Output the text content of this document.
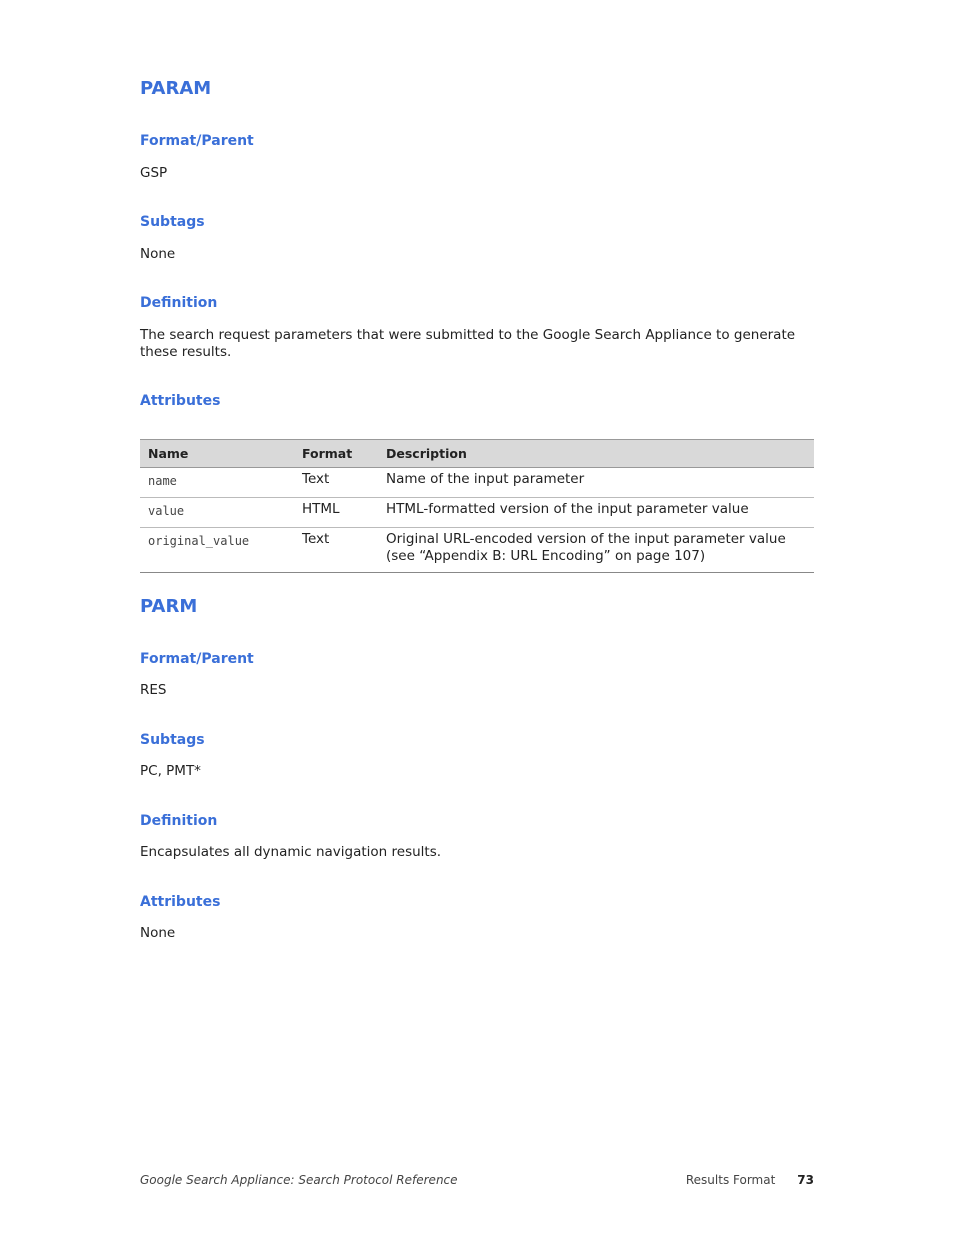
PARAM
Format/Parent

GSP

Subtags

None

Definition

The search request parameters that were submitted to the Google Search Appliance to generate these results.

Attributes
Name	Format	Description
name	Text	Name of the input parameter
value	HTML	HTML-formatted version of the input parameter value
original_value	Text	Original URL-encoded version of the input parameter value (see “Appendix B: URL Encoding” on page 107)
PARM
Format/Parent

RES

Subtags

PC, PMT*

Definition

Encapsulates all dynamic navigation results.

Attributes

None

Google Search Appliance: Search Protocol Reference	Results Format 73
